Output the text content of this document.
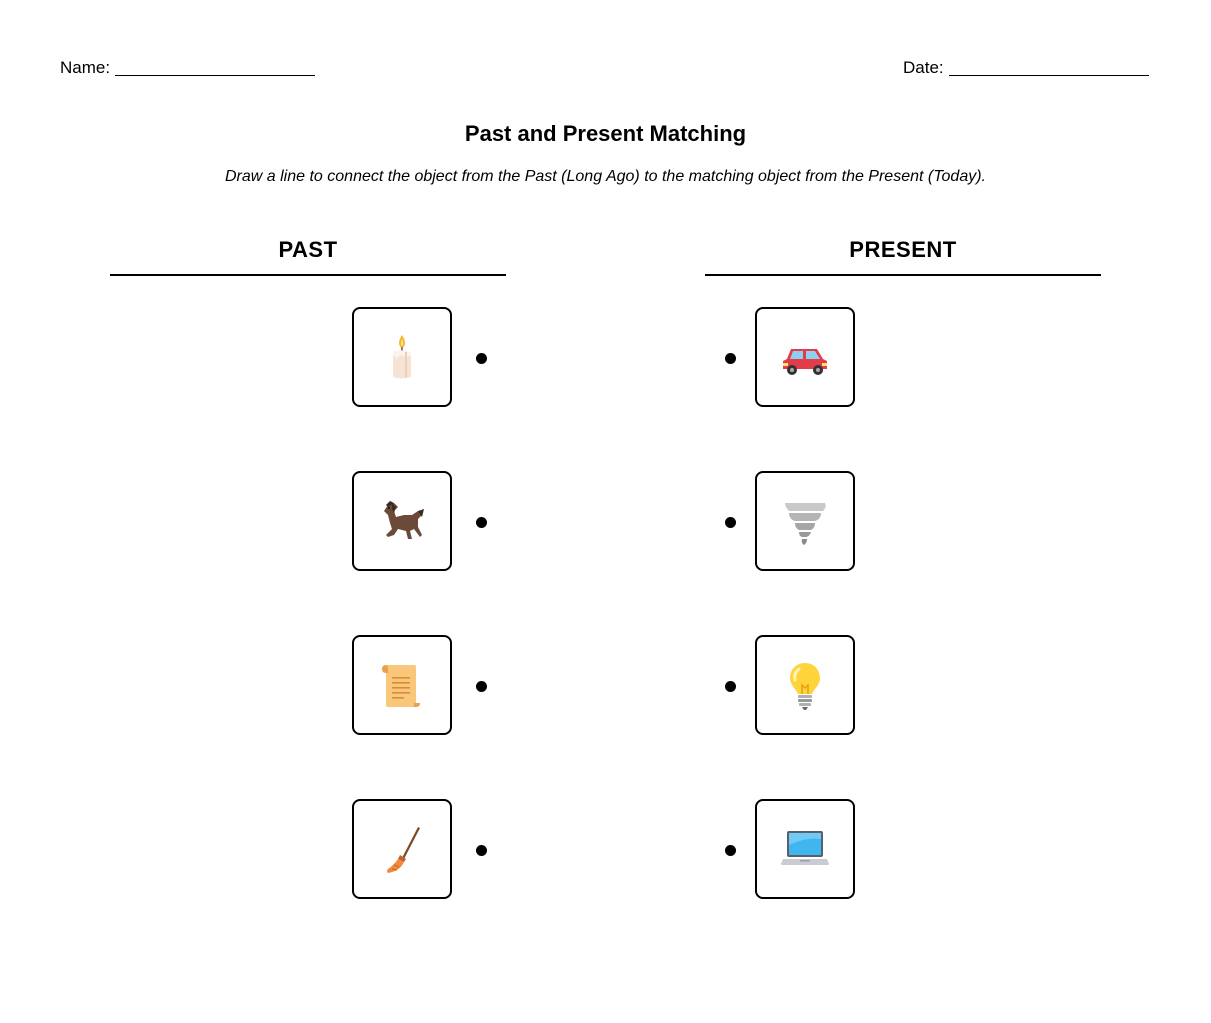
Name:	Date:
Past and Present Matching
Draw a line to connect the object from the Past (Long Ago) to the matching object from the Present (Today).
PAST	PRESENT
